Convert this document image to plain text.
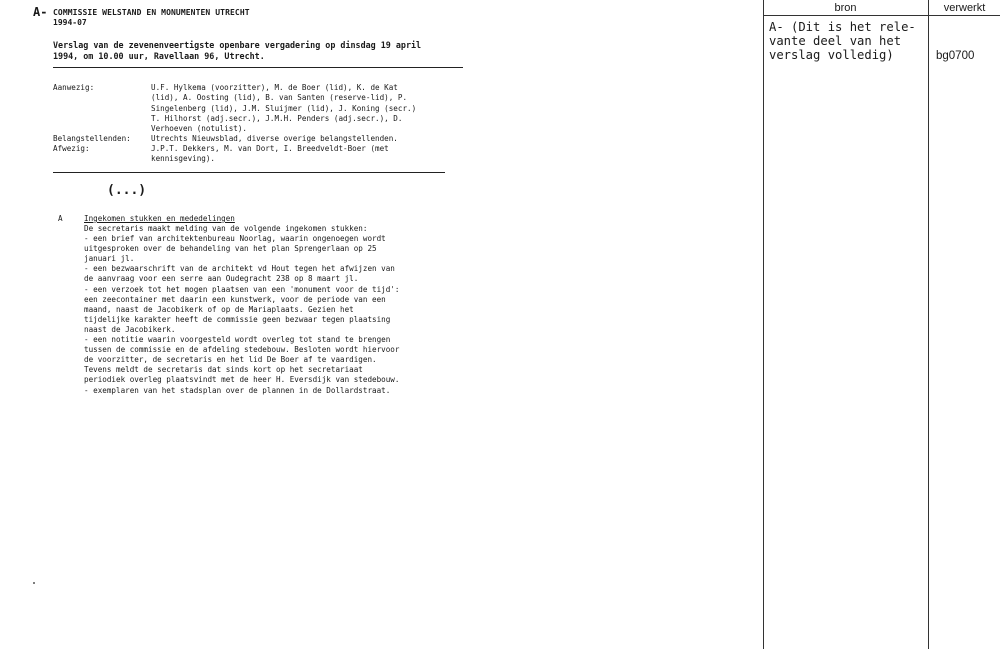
A- COMMISSIE WELSTAND EN MONUMENTEN UTRECHT
1994-07
Verslag van de zevenenveertigste openbare vergadering op dinsdag 19 april
1994, om 10.00 uur, Ravellaan 96, Utrecht.
Aanwezig:	U.F. Hylkema (voorzitter), M. de Boer (lid), K. de Kat
(lid), A. Oosting (lid), B. van Santen (reserve-lid), P.
Singelenberg (lid), J.M. Sluijmer (lid), J. Koning (secr.)
T. Hilhorst (adj.secr.), J.M.H. Penders (adj.secr.), D.
Verhoeven (notulist).
Belangstellenden:	Utrechts Nieuwsblad, diverse overige belangstellenden.
Afwezig:	J.P.T. Dekkers, M. van Dort, I. Breedveldt-Boer (met
kennisgeving).
(...)
A	Ingekomen stukken en mededelingen
De secretaris maakt melding van de volgende ingekomen stukken:
- een brief van architektenbureau Noorlag, waarin ongenoegen wordt
uitgesproken over de behandeling van het plan Sprengerlaan op 25
januari jl.
- een bezwaarschrift van de architekt vd Hout tegen het afwijzen van
de aanvraag voor een serre aan Oudegracht 238 op 8 maart jl.
- een verzoek tot het mogen plaatsen van een 'monument voor de tijd':
een zeecontainer met daarin een kunstwerk, voor de periode van een
maand, naast de Jacobikerk of op de Mariaplaats. Gezien het
tijdelijke karakter heeft de commissie geen bezwaar tegen plaatsing
naast de Jacobikerk.
- een notitie waarin voorgesteld wordt overleg tot stand te brengen
tussen de commissie en de afdeling stedebouw. Besloten wordt hiervoor
de voorzitter, de secretaris en het lid De Boer af te vaardigen.
Tevens meldt de secretaris dat sinds kort op het secretariaat
periodiek overleg plaatsvindt met de heer H. Eversdijk van stedebouw.
- exemplaren van het stadsplan over de plannen in de Dollardstraat.
bron	verwerkt
A- (Dit is het rele-
vante deel van het
verslag volledig)	bg0700
